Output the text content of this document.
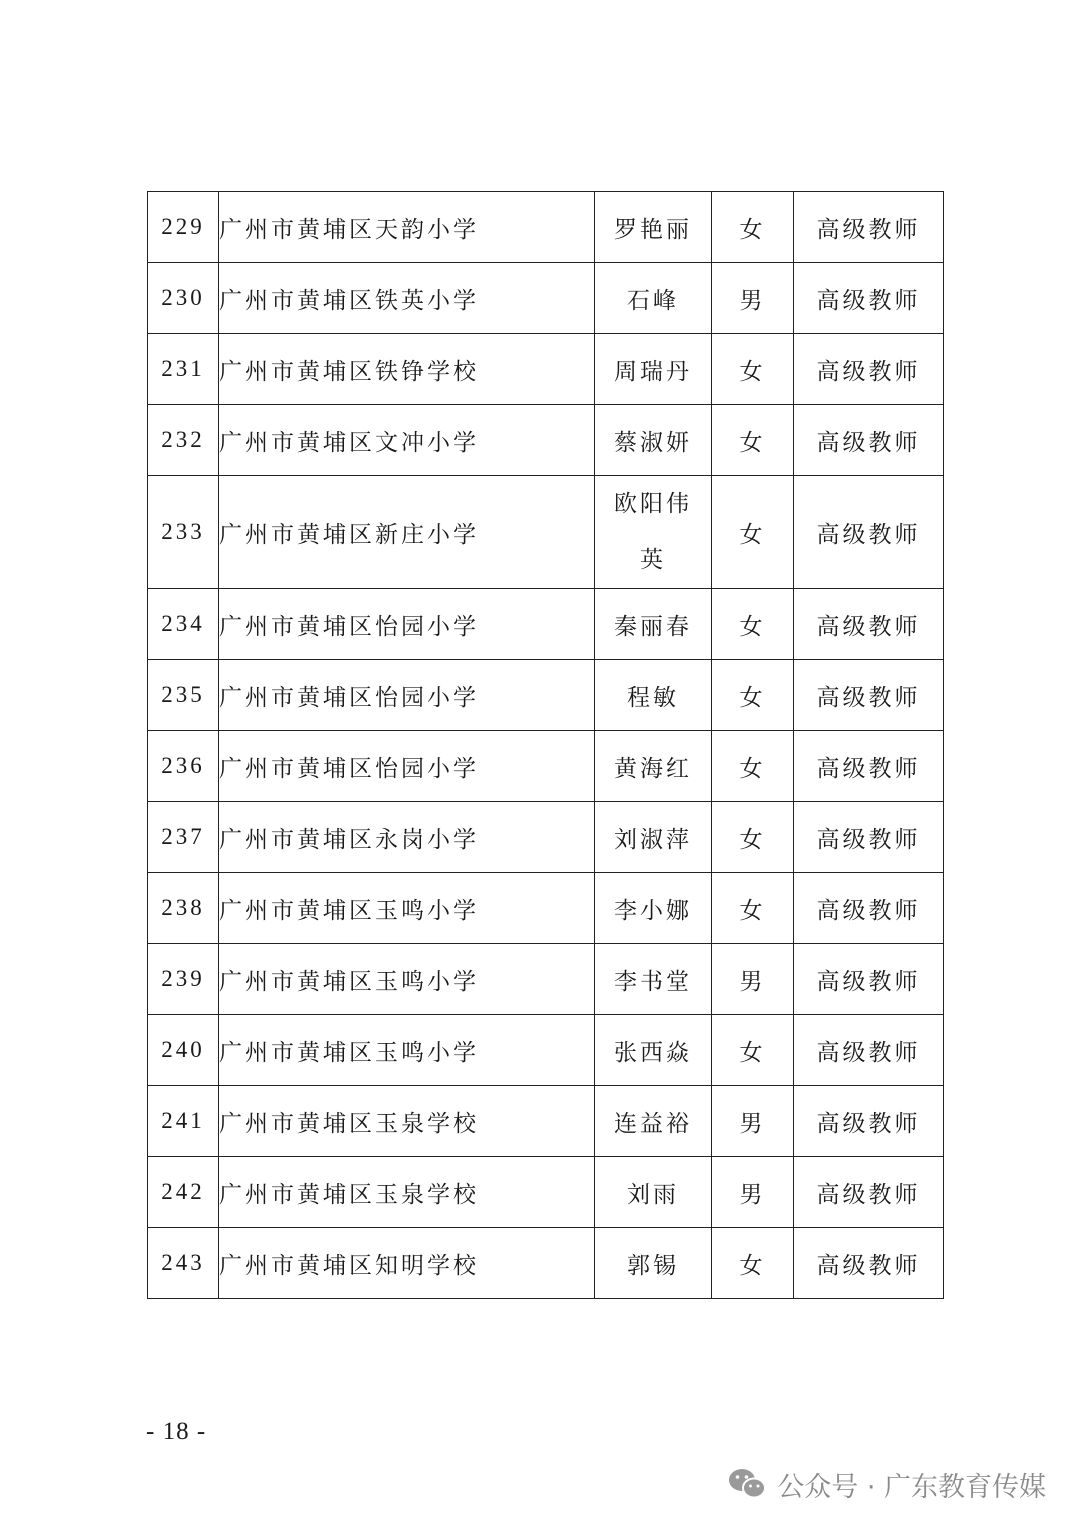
229	广州市黄埔区天韵小学	罗艳丽	女	高级教师
230	广州市黄埔区铁英小学	石峰	男	高级教师
231	广州市黄埔区铁铮学校	周瑞丹	女	高级教师
232	广州市黄埔区文冲小学	蔡淑妍	女	高级教师
233	广州市黄埔区新庄小学	欧阳伟英	女	高级教师
234	广州市黄埔区怡园小学	秦丽春	女	高级教师
235	广州市黄埔区怡园小学	程敏	女	高级教师
236	广州市黄埔区怡园小学	黄海红	女	高级教师
237	广州市黄埔区永岗小学	刘淑萍	女	高级教师
238	广州市黄埔区玉鸣小学	李小娜	女	高级教师
239	广州市黄埔区玉鸣小学	李书堂	男	高级教师
240	广州市黄埔区玉鸣小学	张西焱	女	高级教师
241	广州市黄埔区玉泉学校	连益裕	男	高级教师
242	广州市黄埔区玉泉学校	刘雨	男	高级教师
243	广州市黄埔区知明学校	郭锡	女	高级教师
- 18 -
公众号 · 广东教育传媒
